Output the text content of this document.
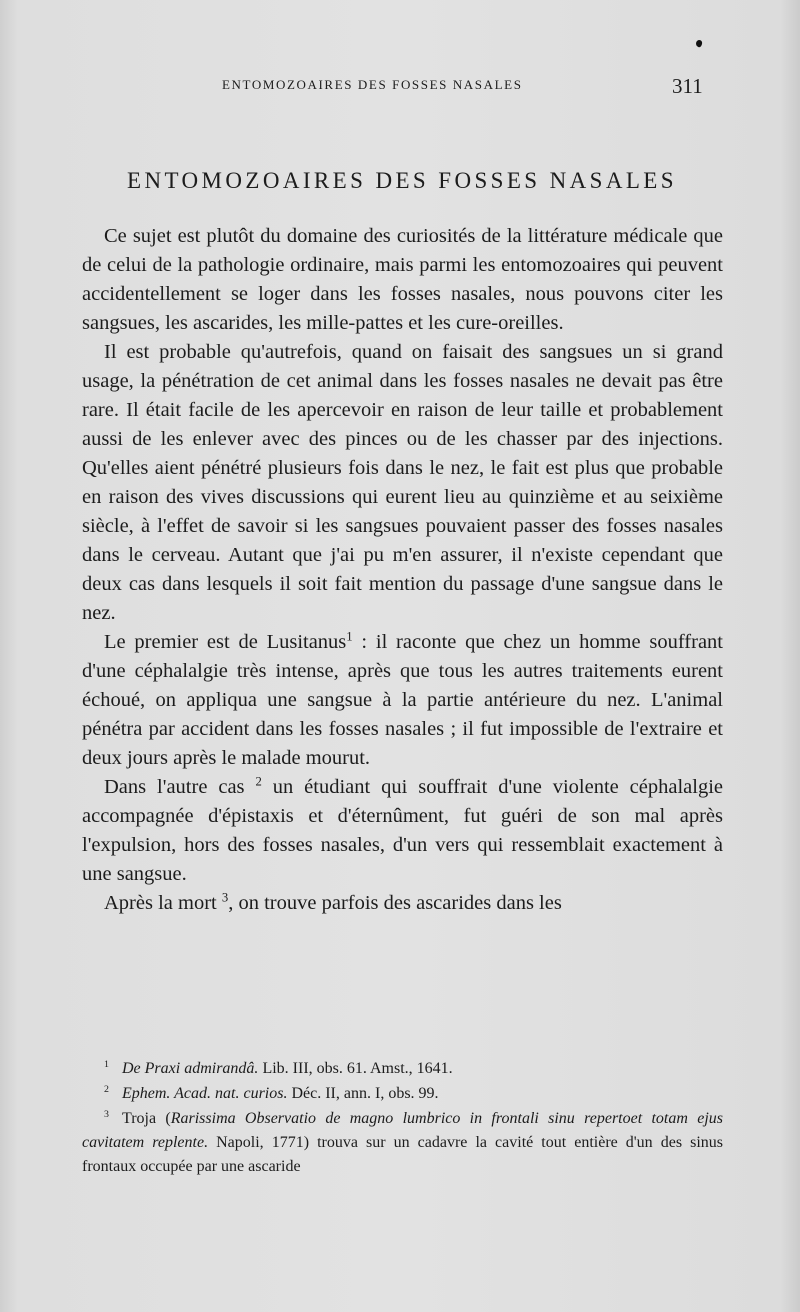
ENTOMOZOAIRES DES FOSSES NASALES	311
ENTOMOZOAIRES DES FOSSES NASALES

Ce sujet est plutôt du domaine des curiosités de la littérature médicale que de celui de la pathologie ordinaire, mais parmi les entomozoaires qui peuvent accidentellement se loger dans les fosses nasales, nous pouvons citer les sangsues, les ascarides, les mille-pattes et les cure-oreilles.

Il est probable qu'autrefois, quand on faisait des sangsues un si grand usage, la pénétration de cet animal dans les fosses nasales ne devait pas être rare. Il était facile de les apercevoir en raison de leur taille et probablement aussi de les enlever avec des pinces ou de les chasser par des injections. Qu'elles aient pénétré plusieurs fois dans le nez, le fait est plus que probable en raison des vives discussions qui eurent lieu au quinzième et au seixième siècle, à l'effet de savoir si les sangsues pouvaient passer des fosses nasales dans le cerveau. Autant que j'ai pu m'en assurer, il n'existe cependant que deux cas dans lesquels il soit fait mention du passage d'une sangsue dans le nez.

Le premier est de Lusitanus$^1$ : il raconte que chez un homme souffrant d'une céphalalgie très intense, après que tous les autres traitements eurent échoué, on appliqua une sangsue à la partie antérieure du nez. L'animal pénétra par accident dans les fosses nasales ; il fut impossible de l'extraire et deux jours après le malade mourut.

Dans l'autre cas $^2$ un étudiant qui souffrait d'une violente céphalalgie accompagnée d'épistaxis et d'éternûment, fut guéri de son mal après l'expulsion, hors des fosses nasales, d'un vers qui ressemblait exactement à une sangsue.

Après la mort $^3$, on trouve parfois des ascarides dans les

$^1$ De Praxi admirandâ. Lib. III, obs. 61. Amst., 1641.

$^2$ Ephem. Acad. nat. curios. Déc. II, ann. I, obs. 99.

$^3$ Troja (Rarissima Observatio de magno lumbrico in frontali sinu repertoet totam ejus cavitatem replente. Napoli, 1771) trouva sur un cadavre la cavité tout entière d'un des sinus frontaux occupée par une ascaride
